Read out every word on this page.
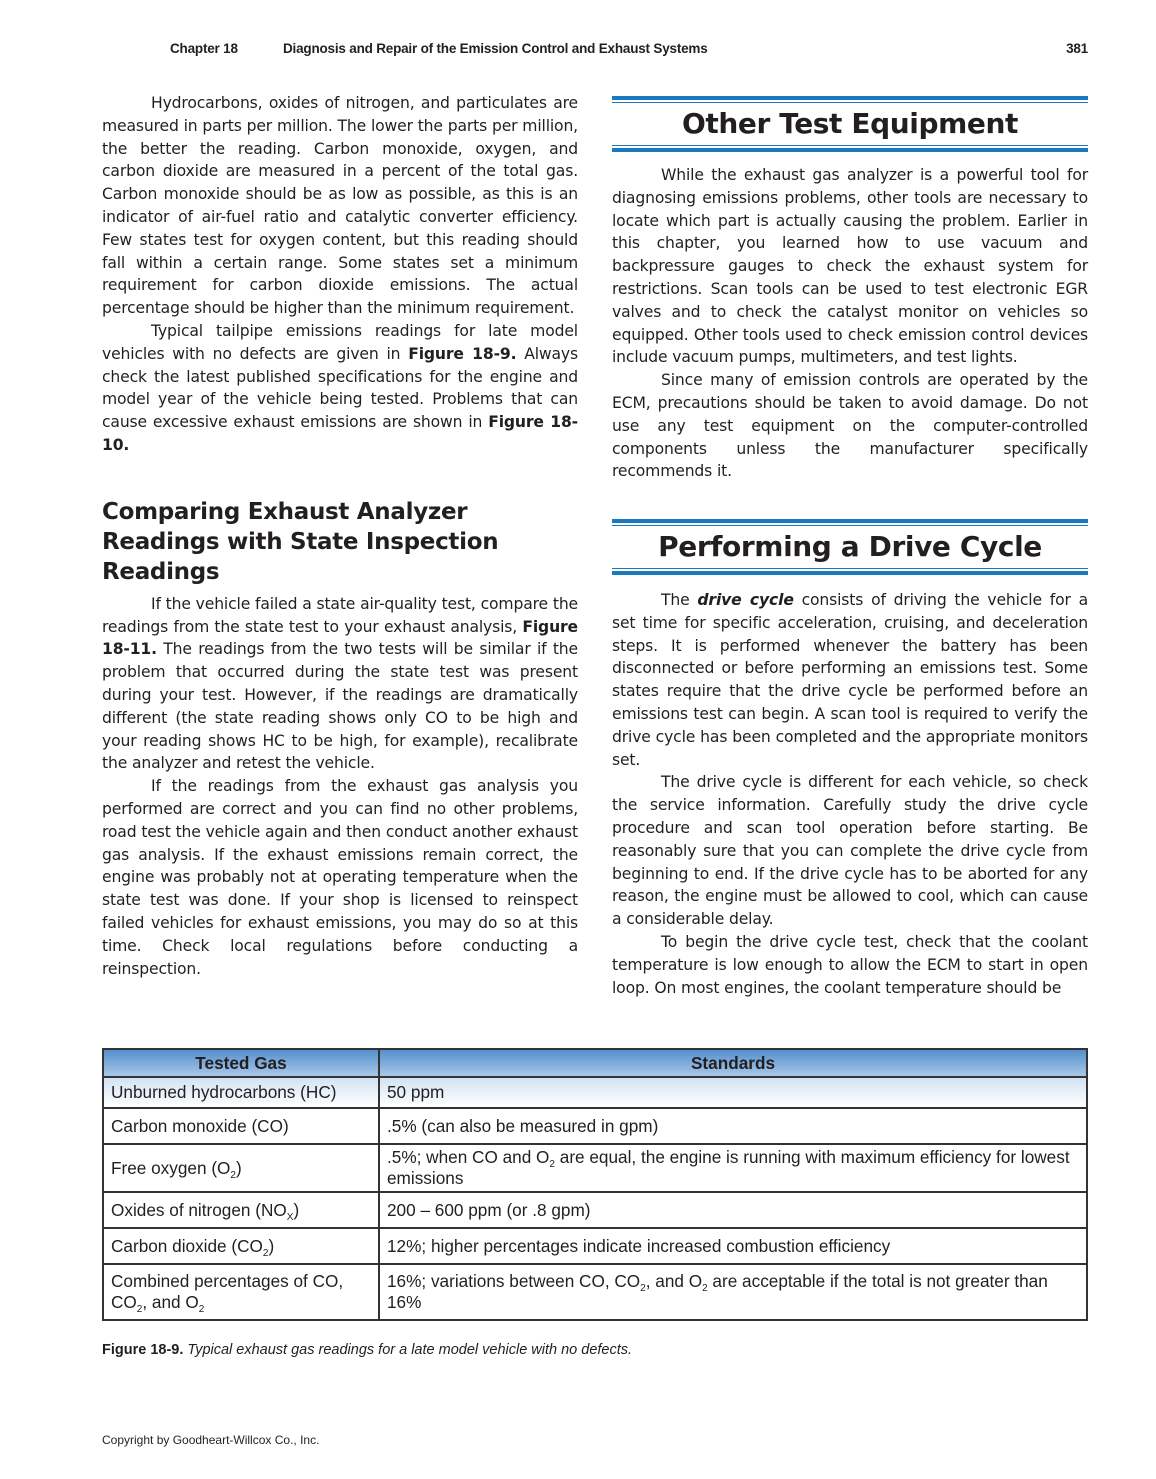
Chapter 18	Diagnosis and Repair of the Emission Control and Exhaust Systems	381

Hydrocarbons, oxides of nitrogen, and particulates are measured in parts per million. The lower the parts per million, the better the reading. Carbon monoxide, oxygen, and carbon dioxide are measured in a percent of the total gas. Carbon monoxide should be as low as possible, as this is an indicator of air-fuel ratio and catalytic converter efficiency. Few states test for oxygen content, but this reading should fall within a certain range. Some states set a minimum requirement for carbon dioxide emissions. The actual percentage should be higher than the minimum requirement.

Typical tailpipe emissions readings for late model vehicles with no defects are given in Figure 18-9. Always check the latest published specifications for the engine and model year of the vehicle being tested. Problems that can cause excessive exhaust emissions are shown in Figure 18-10.

Comparing Exhaust Analyzer Readings with State Inspection Readings

If the vehicle failed a state air-quality test, compare the readings from the state test to your exhaust analysis, Figure 18-11. The readings from the two tests will be similar if the problem that occurred during the state test was present during your test. However, if the readings are dramatically different (the state reading shows only CO to be high and your reading shows HC to be high, for example), recalibrate the analyzer and retest the vehicle.

If the readings from the exhaust gas analysis you performed are correct and you can find no other problems, road test the vehicle again and then conduct another exhaust gas analysis. If the exhaust emissions remain correct, the engine was probably not at operating temperature when the state test was done. If your shop is licensed to reinspect failed vehicles for exhaust emissions, you may do so at this time. Check local regulations before conducting a reinspection.

Other Test Equipment

While the exhaust gas analyzer is a powerful tool for diagnosing emissions problems, other tools are necessary to locate which part is actually causing the problem. Earlier in this chapter, you learned how to use vacuum and backpressure gauges to check the exhaust system for restrictions. Scan tools can be used to test electronic EGR valves and to check the catalyst monitor on vehicles so equipped. Other tools used to check emission control devices include vacuum pumps, multimeters, and test lights.

Since many of emission controls are operated by the ECM, precautions should be taken to avoid damage. Do not use any test equipment on the computer-controlled components unless the manufacturer specifically recommends it.

Performing a Drive Cycle

The drive cycle consists of driving the vehicle for a set time for specific acceleration, cruising, and deceleration steps. It is performed whenever the battery has been disconnected or before performing an emissions test. Some states require that the drive cycle be performed before an emissions test can begin. A scan tool is required to verify the drive cycle has been completed and the appropriate monitors set.

The drive cycle is different for each vehicle, so check the service information. Carefully study the drive cycle procedure and scan tool operation before starting. Be reasonably sure that you can complete the drive cycle from beginning to end. If the drive cycle has to be aborted for any reason, the engine must be allowed to cool, which can cause a considerable delay.

To begin the drive cycle test, check that the coolant temperature is low enough to allow the ECM to start in open loop. On most engines, the coolant temperature should be

Tested Gas	Standards
Unburned hydrocarbons (HC)	50 ppm
Carbon monoxide (CO)	.5% (can also be measured in gpm)
Free oxygen $(O_2)$	.5%; when CO and $O_2$ are equal, the engine is running with maximum efficiency for lowest emissions
Oxides of nitrogen $(NO_X)$	200 – 600 ppm (or .8 gpm)
Carbon dioxide $(CO_2)$	12%; higher percentages indicate increased combustion efficiency
Combined percentages of CO, $CO_2$, and $O_2$	16%; variations between CO, $CO_2$, and $O_2$ are acceptable if the total is not greater than 16%
Figure 18-9. Typical exhaust gas readings for a late model vehicle with no defects.
Copyright by Goodheart-Willcox Co., Inc.
